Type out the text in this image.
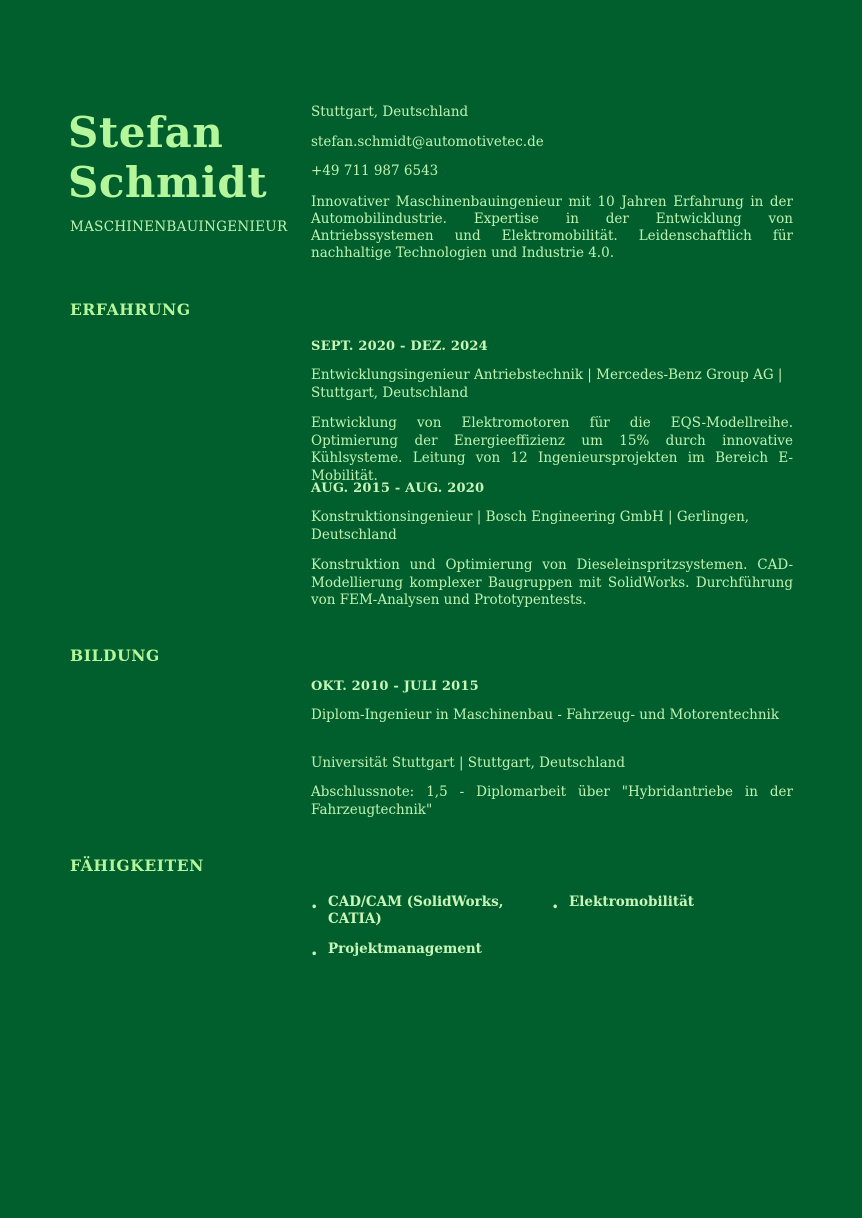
Stefan
Schmidt
MASCHINENBAUINGENIEUR
Stuttgart, Deutschland
stefan.schmidt@automotivetec.de
+49 711 987 6543
Innovativer Maschinenbauingenieur mit 10 Jahren Erfahrung in der Automobilindustrie. Expertise in der Entwicklung von Antriebssystemen und Elektromobilität. Leidenschaftlich für nachhaltige Technologien und Industrie 4.0.
ERFAHRUNG
SEPT. 2020 - DEZ. 2024
Entwicklungsingenieur Antriebstechnik | Mercedes-Benz Group AG | Stuttgart, Deutschland
Entwicklung von Elektromotoren für die EQS-Modellreihe. Optimierung der Energieeffizienz um 15% durch innovative Kühlsysteme. Leitung von 12 Ingenieursprojekten im Bereich E-Mobilität.
AUG. 2015 - AUG. 2020
Konstruktionsingenieur | Bosch Engineering GmbH | Gerlingen, Deutschland
Konstruktion und Optimierung von Dieseleinspritzsystemen. CAD-Modellierung komplexer Baugruppen mit SolidWorks. Durchführung von FEM-Analysen und Prototypentests.
BILDUNG
OKT. 2010 - JULI 2015
Diplom-Ingenieur in Maschinenbau - Fahrzeug- und Motorentechnik
Universität Stuttgart | Stuttgart, Deutschland
Abschlussnote: 1,5 - Diplomarbeit über "Hybridantriebe in der Fahrzeugtechnik"
FÄHIGKEITEN
• CAD/CAM (SolidWorks, CATIA)
• Elektromobilität
• Projektmanagement
